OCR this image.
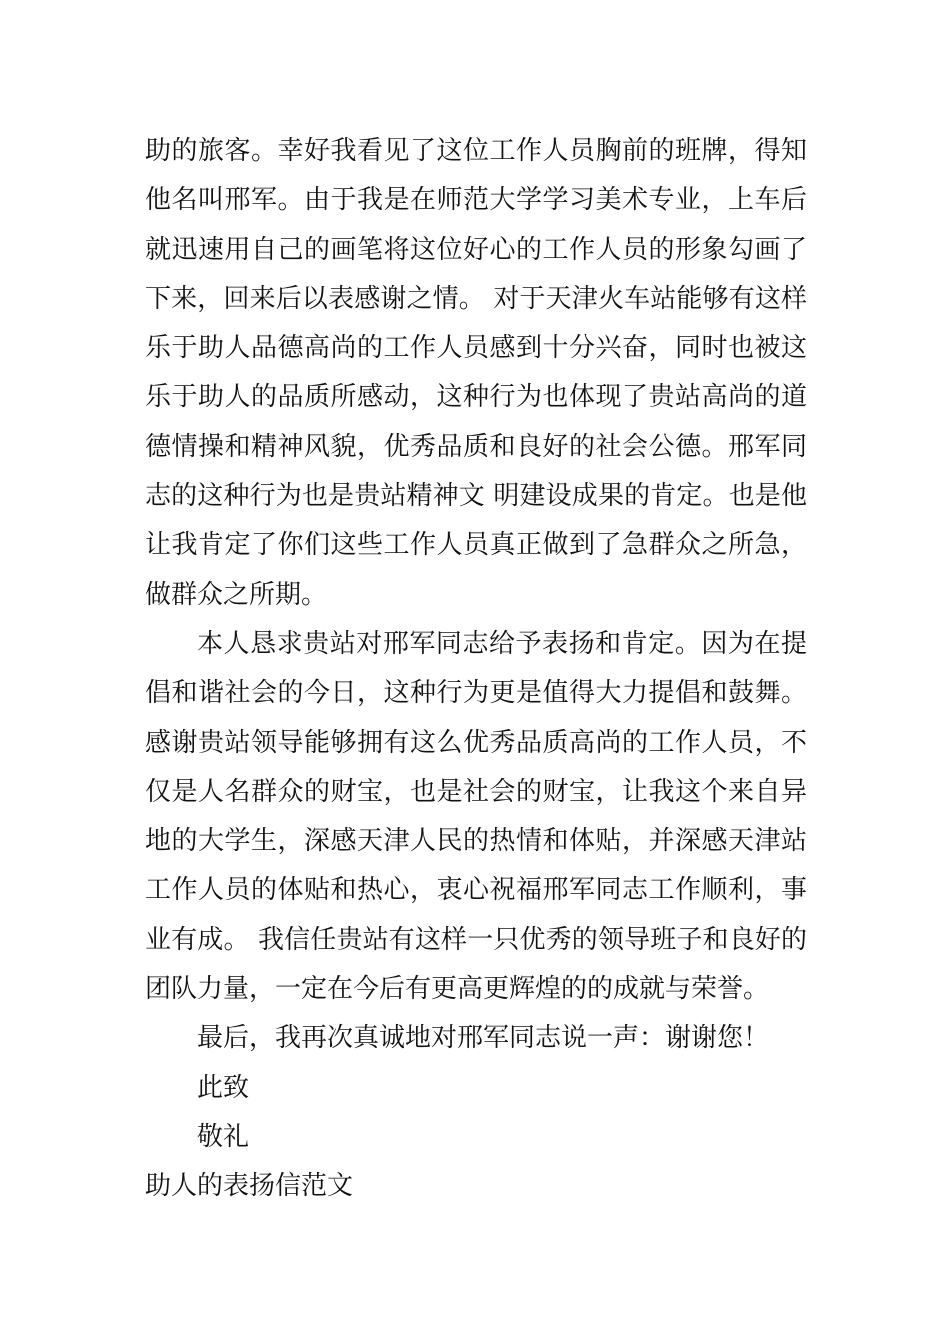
助的旅客。幸好我看见了这位工作人员胸前的班牌，得知
他名叫邢军。由于我是在师范大学学习美术专业，上车后
就迅速用自己的画笔将这位好心的工作人员的形象勾画了
下来，回来后以表感谢之情。 对于天津火车站能够有这样
乐于助人品德高尚的工作人员感到十分兴奋，同时也被这
乐于助人的品质所感动，这种行为也体现了贵站高尚的道
德情操和精神风貌，优秀品质和良好的社会公德。邢军同
志的这种行为也是贵站精神文 明建设成果的肯定。也是他
让我肯定了你们这些工作人员真正做到了急群众之所急，
做群众之所期。
本人恳求贵站对邢军同志给予表扬和肯定。因为在提
倡和谐社会的今日，这种行为更是值得大力提倡和鼓舞。
感谢贵站领导能够拥有这么优秀品质高尚的工作人员，不
仅是人名群众的财宝，也是社会的财宝，让我这个来自异
地的大学生，深感天津人民的热情和体贴，并深感天津站
工作人员的体贴和热心，衷心祝福邢军同志工作顺利，事
业有成。 我信任贵站有这样一只优秀的领导班子和良好的
团队力量，一定在今后有更高更辉煌的的成就与荣誉。
最后，我再次真诚地对邢军同志说一声：谢谢您！
此致
敬礼
助人的表扬信范文
